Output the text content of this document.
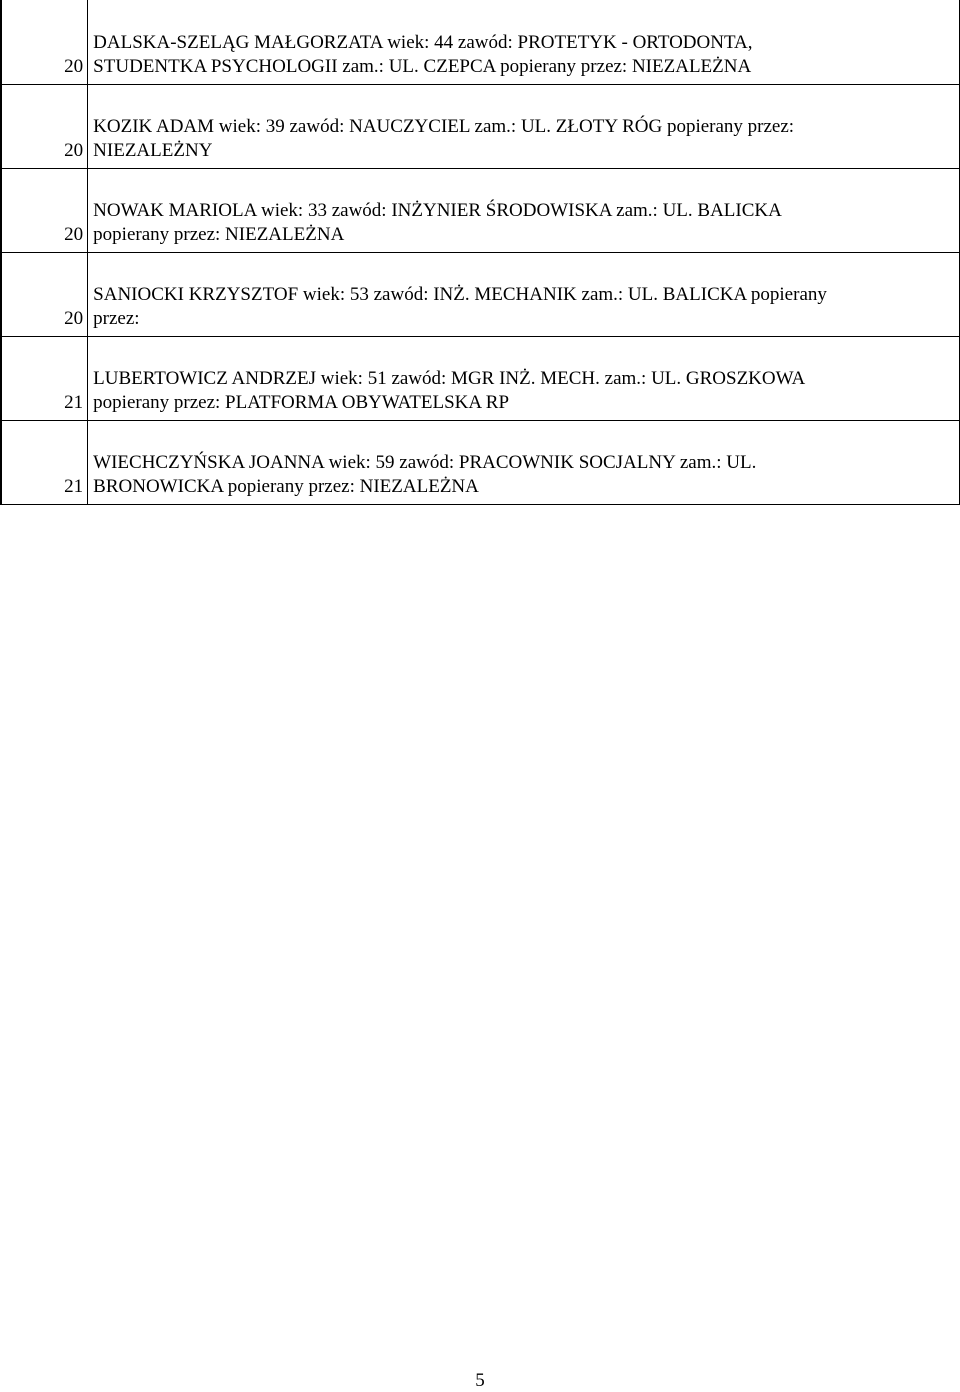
	20	DALSKA-SZELĄG MAŁGORZATA wiek: 44 zawód: PROTETYK - ORTODONTA,
STUDENTKA PSYCHOLOGII zam.: UL. CZEPCA popierany przez: NIEZALEŻNA

	20	KOZIK ADAM wiek: 39 zawód: NAUCZYCIEL zam.: UL. ZŁOTY RÓG popierany przez:
NIEZALEŻNY

	20	NOWAK MARIOLA wiek: 33 zawód: INŻYNIER ŚRODOWISKA zam.: UL. BALICKA
popierany przez: NIEZALEŻNA

	20	SANIOCKI KRZYSZTOF wiek: 53 zawód: INŻ. MECHANIK zam.: UL. BALICKA popierany
przez:

	21	LUBERTOWICZ ANDRZEJ wiek: 51 zawód: MGR INŻ. MECH. zam.: UL. GROSZKOWA
popierany przez: PLATFORMA OBYWATELSKA RP

	21	WIECHCZYŃSKA JOANNA wiek: 59 zawód: PRACOWNIK SOCJALNY zam.: UL.
BRONOWICKA popierany przez: NIEZALEŻNA
5
